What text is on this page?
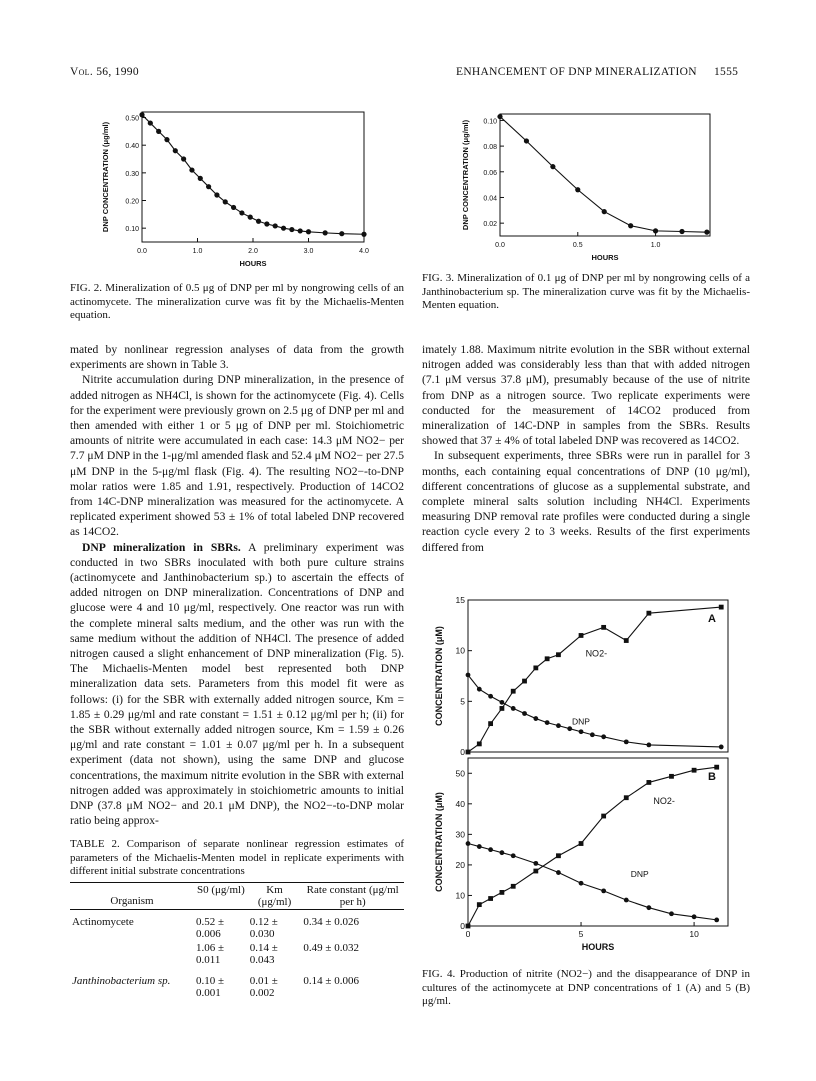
Vol. 56, 1990	ENHANCEMENT OF DNP MINERALIZATION 1555
0.10
0.20
0.30
0.40
0.50
0.0	1.0	2.0	3.0	4.0
DNP CONCENTRATION (μg/ml)
HOURS
FIG. 2. Mineralization of 0.5 μg of DNP per ml by nongrowing cells of an actinomycete. The mineralization curve was fit by the Michaelis-Menten equation.
0.02
0.04
0.06
0.08
0.10
0.0	0.5	1.0
DNP CONCENTRATION (μg/ml)
HOURS
FIG. 3. Mineralization of 0.1 μg of DNP per ml by nongrowing cells of a Janthinobacterium sp. The mineralization curve was fit by the Michaelis-Menten equation.

mated by nonlinear regression analyses of data from the growth experiments are shown in Table 3.

Nitrite accumulation during DNP mineralization, in the presence of added nitrogen as NH4Cl, is shown for the actinomycete (Fig. 4). Cells for the experiment were previously grown on 2.5 μg of DNP per ml and then amended with either 1 or 5 μg of DNP per ml. Stoichiometric amounts of nitrite were accumulated in each case: 14.3 μM NO2− per 7.7 μM DNP in the 1-μg/ml amended flask and 52.4 μM NO2− per 27.5 μM DNP in the 5-μg/ml flask (Fig. 4). The resulting NO2−-to-DNP molar ratios were 1.85 and 1.91, respectively. Production of 14CO2 from 14C-DNP mineralization was measured for the actinomycete. A replicated experiment showed 53 ± 1% of total labeled DNP recovered as 14CO2.

DNP mineralization in SBRs. A preliminary experiment was conducted in two SBRs inoculated with both pure culture strains (actinomycete and Janthinobacterium sp.) to ascertain the effects of added nitrogen on DNP mineralization. Concentrations of DNP and glucose were 4 and 10 μg/ml, respectively. One reactor was run with the complete mineral salts medium, and the other was run with the same medium without the addition of NH4Cl. The presence of added nitrogen caused a slight enhancement of DNP mineralization (Fig. 5). The Michaelis-Menten model best represented both DNP mineralization data sets. Parameters from this model fit were as follows: (i) for the SBR with externally added nitrogen source, Km = 1.85 ± 0.29 μg/ml and rate constant = 1.51 ± 0.12 μg/ml per h; (ii) for the SBR without externally added nitrogen source, Km = 1.59 ± 0.26 μg/ml and rate constant = 1.01 ± 0.07 μg/ml per h. In a subsequent experiment (data not shown), using the same DNP and glucose concentrations, the maximum nitrite evolution in the SBR with external nitrogen added was approximately in stoichiometric amounts to initial DNP (37.8 μM NO2− and 20.1 μM DNP), the NO2−-to-DNP molar ratio being approx-

imately 1.88. Maximum nitrite evolution in the SBR without external nitrogen added was considerably less than that with added nitrogen (7.1 μM versus 37.8 μM), presumably because of the use of nitrite from DNP as a nitrogen source. Two replicate experiments were conducted for the measurement of 14CO2 produced from mineralization of 14C-DNP in samples from the SBRs. Results showed that 37 ± 4% of total labeled DNP was recovered as 14CO2.

In subsequent experiments, three SBRs were run in parallel for 3 months, each containing equal concentrations of DNP (10 μg/ml), different concentrations of glucose as a supplemental substrate, and complete mineral salts solution including NH4Cl. Experiments measuring DNP removal rate profiles were conducted during a single reaction cycle every 2 to 3 weeks. Results of the first experiments differed from

TABLE 2. Comparison of separate nonlinear regression estimates of parameters of the Michaelis-Menten model in replicate experiments with different initial substrate concentrations
Organism	S0 (μg/ml)	Km (μg/ml)	Rate constant (μg/ml per h)
Actinomycete	0.52 ± 0.006	0.12 ± 0.030	0.34 ± 0.026
	1.06 ± 0.011	0.14 ± 0.043	0.49 ± 0.032
Janthinobacterium sp.	0.10 ± 0.001	0.01 ± 0.002	0.14 ± 0.006
0
5
10
15
CONCENTRATION (μM)
0
10
20
30
40
50
0	5	10
CONCENTRATION (μM)
HOURS
A
B
NO2-
DNP
NO2-
DNP
FIG. 4. Production of nitrite (NO2−) and the disappearance of DNP in cultures of the actinomycete at DNP concentrations of 1 (A) and 5 (B) μg/ml.
